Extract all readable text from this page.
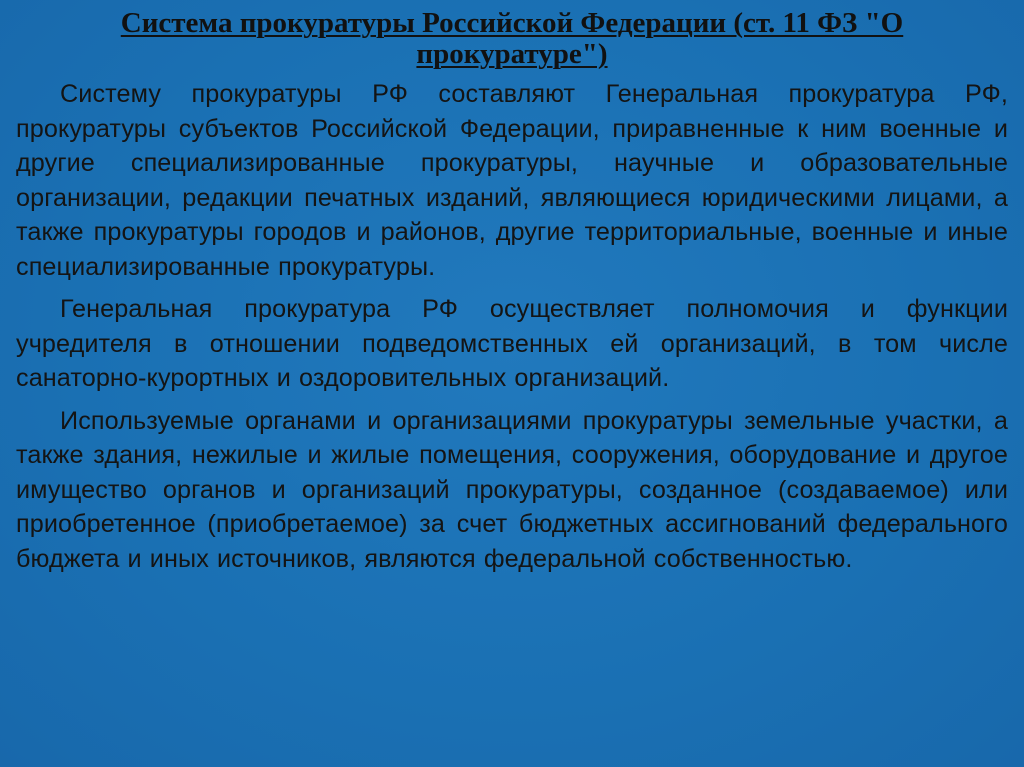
Система прокуратуры Российской Федерации (ст. 11 ФЗ "О прокуратуре")

Систему прокуратуры РФ составляют Генеральная прокуратура РФ, прокуратуры субъектов Российской Федерации, приравненные к ним военные и другие специализированные прокуратуры, научные и образовательные организации, редакции печатных изданий, являющиеся юридическими лицами, а также прокуратуры городов и районов, другие территориальные, военные и иные специализированные прокуратуры.

Генеральная прокуратура РФ осуществляет полномочия и функции учредителя в отношении подведомственных ей организаций, в том числе санаторно-курортных и оздоровительных организаций.

Используемые органами и организациями прокуратуры земельные участки, а также здания, нежилые и жилые помещения, сооружения, оборудование и другое имущество органов и организаций прокуратуры, созданное (создаваемое) или приобретенное (приобретаемое) за счет бюджетных ассигнований федерального бюджета и иных источников, являются федеральной собственностью.
